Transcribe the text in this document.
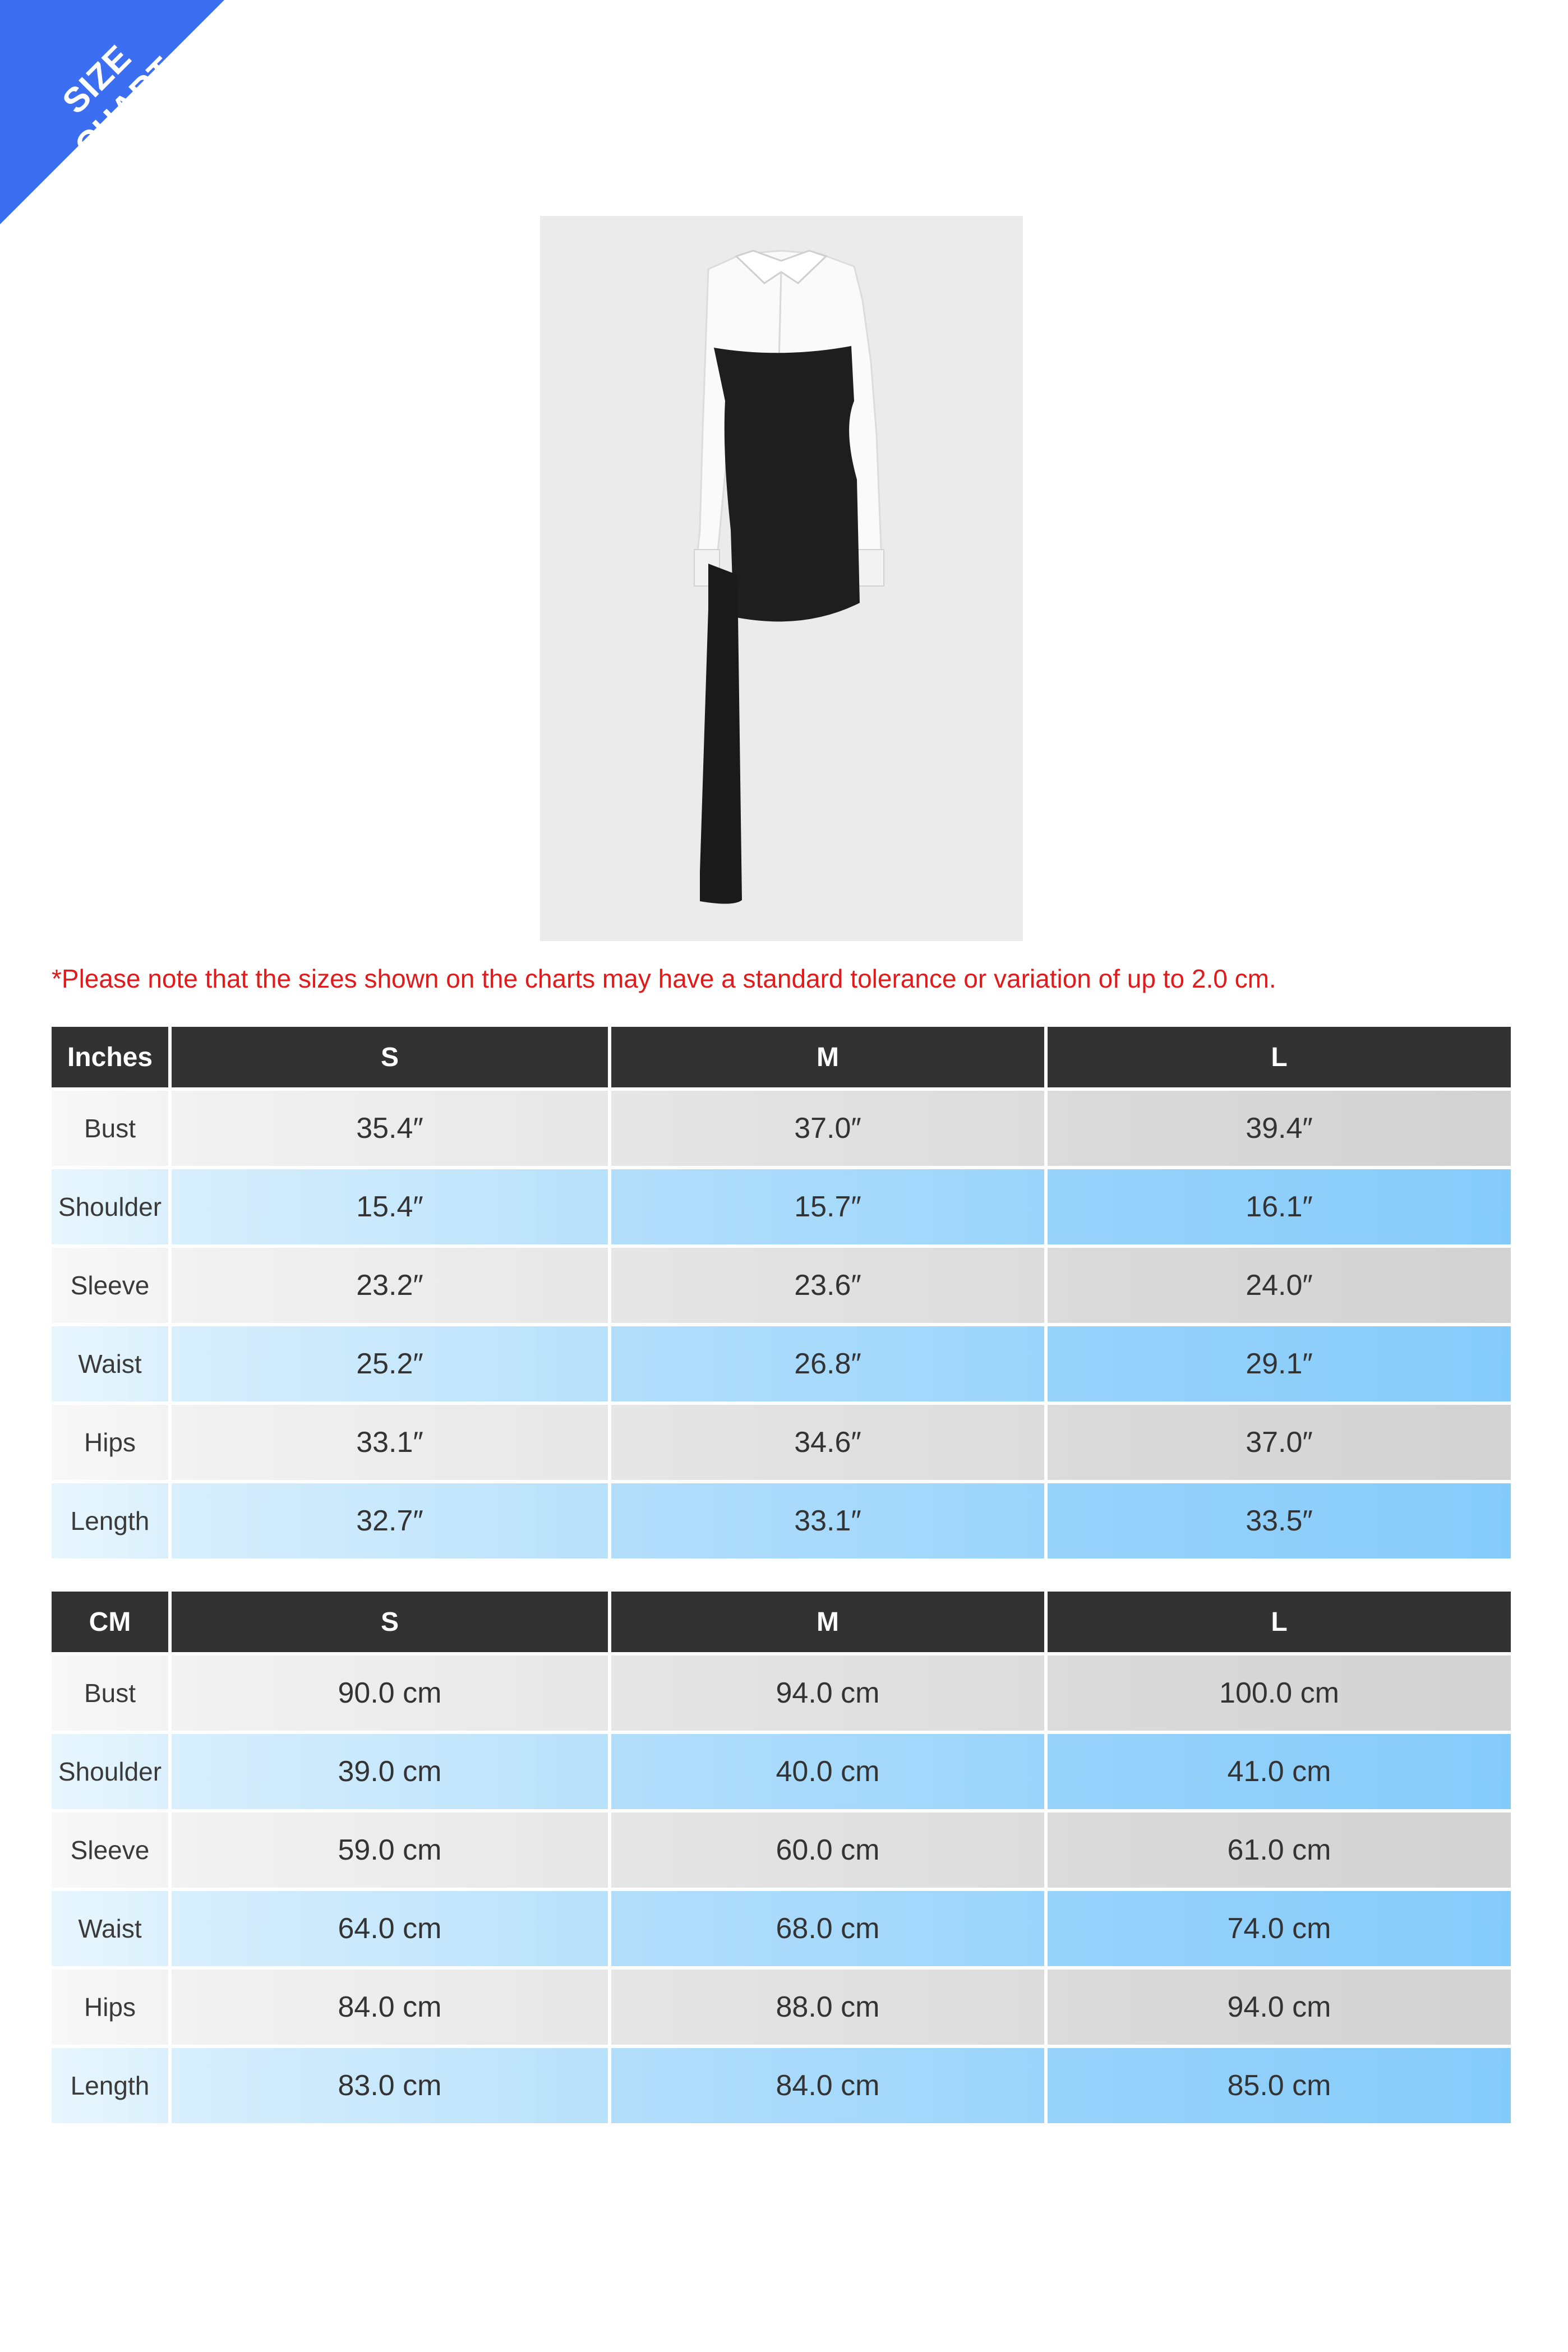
SIZE CHART
*Please note that the sizes shown on the charts may have a standard tolerance or variation of up to 2.0 cm.
Inches	S	M	L
Bust	35.4″	37.0″	39.4″
Shoulder	15.4″	15.7″	16.1″
Sleeve	23.2″	23.6″	24.0″
Waist	25.2″	26.8″	29.1″
Hips	33.1″	34.6″	37.0″
Length	32.7″	33.1″	33.5″
CM	S	M	L
Bust	90.0 cm	94.0 cm	100.0 cm
Shoulder	39.0 cm	40.0 cm	41.0 cm
Sleeve	59.0 cm	60.0 cm	61.0 cm
Waist	64.0 cm	68.0 cm	74.0 cm
Hips	84.0 cm	88.0 cm	94.0 cm
Length	83.0 cm	84.0 cm	85.0 cm
